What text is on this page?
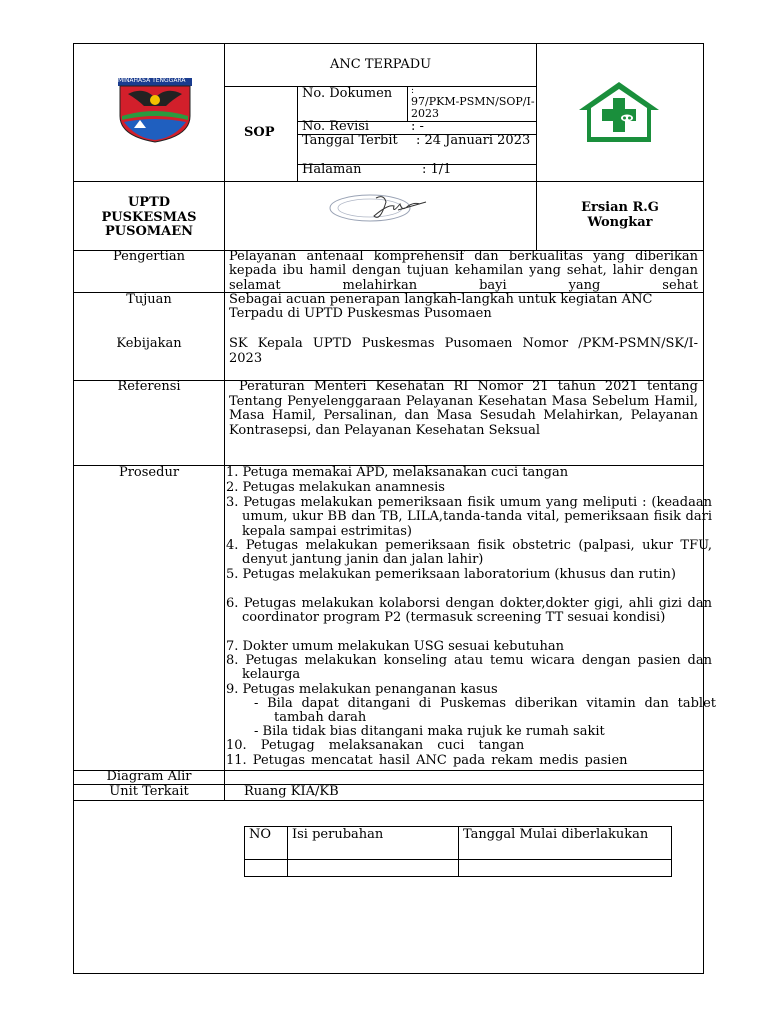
MINAHASA TENGGARA
ANC TERPADU
SOP
No. Dokumen	:
97/PKM-PSMN/SOP/I-2023
No. Revisi	: -
Tanggal Terbit	: 24 Januari 2023
Halaman	: 1/1
UPTD PUSKESMAS PUSOMAEN
Ersian R.G Wongkar
Pengertian	Pelayanan antenaal komprehensif dan berkualitas yang diberikan kepada ibu hamil dengan tujuan kehamilan yang sehat, lahir dengan selamat melahirkan bayi yang sehat
Tujuan	Sebagai acuan penerapan langkah-langkah untuk kegiatan ANC Terpadu di UPTD Puskesmas Pusomaen
Kebijakan	SK Kepala UPTD Puskesmas Pusomaen Nomor /PKM-PSMN/SK/I-2023
Referensi	Peraturan Menteri Kesehatan RI Nomor 21 tahun 2021 tentang Tentang Penyelenggaraan Pelayanan Kesehatan Masa Sebelum Hamil, Masa Hamil, Persalinan, dan Masa Sesudah Melahirkan, Pelayanan Kontrasepsi, dan Pelayanan Kesehatan Seksual
Prosedur	1. Petuga memakai APD, melaksanakan cuci tangan
2. Petugas melakukan anamnesis
3. Petugas melakukan pemeriksaan fisik umum yang meliputi : (keadaan umum, ukur BB dan TB, LILA,tanda-tanda vital, pemeriksaan fisik dari kepala sampai estrimitas)
4. Petugas melakukan pemeriksaan fisik obstetric (palpasi, ukur TFU, denyut jantung janin dan jalan lahir)
5. Petugas melakukan pemeriksaan laboratorium (khusus dan rutin)
6. Petugas melakukan kolaborsi dengan dokter,dokter gigi, ahli gizi dan coordinator program P2 (termasuk screening TT sesuai kondisi)
7. Dokter umum melakukan USG sesuai kebutuhan
8. Petugas melakukan konseling atau temu wicara dengan pasien dan kelaurga
9. Petugas melakukan penanganan kasus
- Bila dapat ditangani di Puskemas diberikan vitamin dan tablet tambah darah
- Bila tidak bias ditangani maka rujuk ke rumah sakit
10. Petugag melaksanakan cuci tangan
11. Petugas mencatat hasil ANC pada rekam medis pasien
Diagram Alir
Unit Terkait	Ruang KIA/KB
NO	Isi perubahan	Tanggal Mulai diberlakukan
